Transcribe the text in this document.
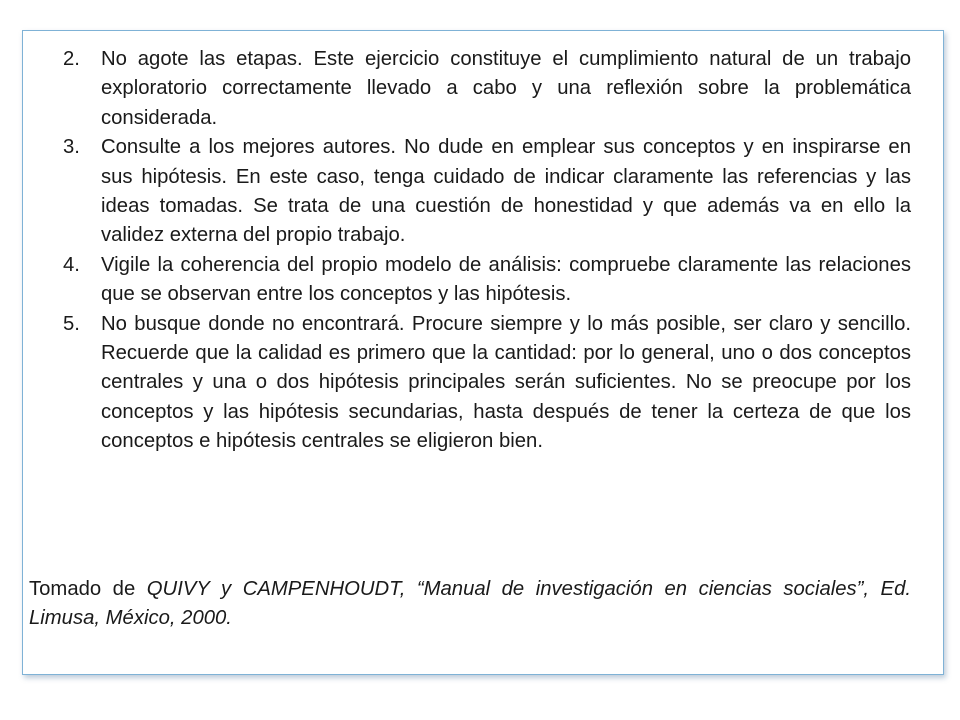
2. No agote las etapas. Este ejercicio constituye el cumplimiento natural de un trabajo exploratorio correctamente llevado a cabo y una reflexión sobre la problemática considerada.
3. Consulte a los mejores autores. No dude en emplear sus conceptos y en inspirarse en sus hipótesis. En este caso, tenga cuidado de indicar claramente las referencias y las ideas tomadas. Se trata de una cuestión de honestidad y que además va en ello la validez externa del propio trabajo.
4. Vigile la coherencia del propio modelo de análisis: compruebe claramente las relaciones que se observan entre los conceptos y las hipótesis.
5. No busque donde no encontrará. Procure siempre y lo más posible, ser claro y sencillo. Recuerde que la calidad es primero que la cantidad: por lo general, uno o dos conceptos centrales y una o dos hipótesis principales serán suficientes. No se preocupe por los conceptos y las hipótesis secundarias, hasta después de tener la certeza de que los conceptos e hipótesis centrales se eligieron bien.

Tomado de QUIVY y CAMPENHOUDT, “Manual de investigación en ciencias sociales”, Ed. Limusa, México, 2000.
